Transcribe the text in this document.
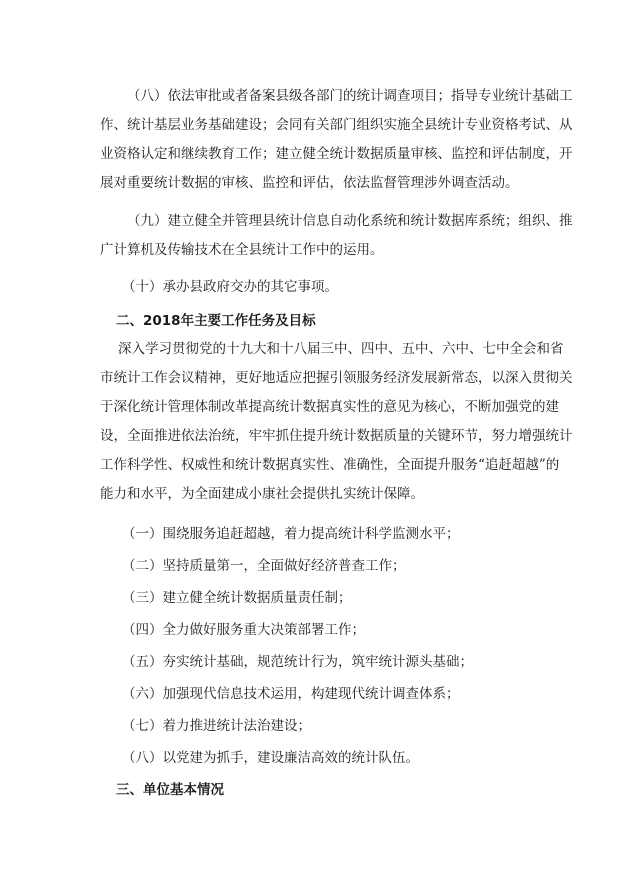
（八）依法审批或者备案县级各部门的统计调查项目；指导专业统计基础工
作、统计基层业务基础建设；会同有关部门组织实施全县统计专业资格考试、从
业资格认定和继续教育工作；建立健全统计数据质量审核、监控和评估制度，开
展对重要统计数据的审核、监控和评估，依法监督管理涉外调查活动。
（九）建立健全并管理县统计信息自动化系统和统计数据库系统；组织、推
广计算机及传输技术在全县统计工作中的运用。

（十）承办县政府交办的其它事项。

二、2018年主要工作任务及目标
深入学习贯彻党的十九大和十八届三中、四中、五中、六中、七中全会和省
市统计工作会议精神，更好地适应把握引领服务经济发展新常态，以深入贯彻关
于深化统计管理体制改革提高统计数据真实性的意见为核心，不断加强党的建
设，全面推进依法治统，牢牢抓住提升统计数据质量的关键环节，努力增强统计
工作科学性、权威性和统计数据真实性、准确性，全面提升服务“追赶超越”的
能力和水平，为全面建成小康社会提供扎实统计保障。

（一）围绕服务追赶超越，着力提高统计科学监测水平；

（二）坚持质量第一，全面做好经济普查工作；

（三）建立健全统计数据质量责任制；

（四）全力做好服务重大决策部署工作；

（五）夯实统计基础，规范统计行为，筑牢统计源头基础；

（六）加强现代信息技术运用，构建现代统计调查体系；

（七）着力推进统计法治建设；

（八）以党建为抓手，建设廉洁高效的统计队伍。

三、单位基本情况
